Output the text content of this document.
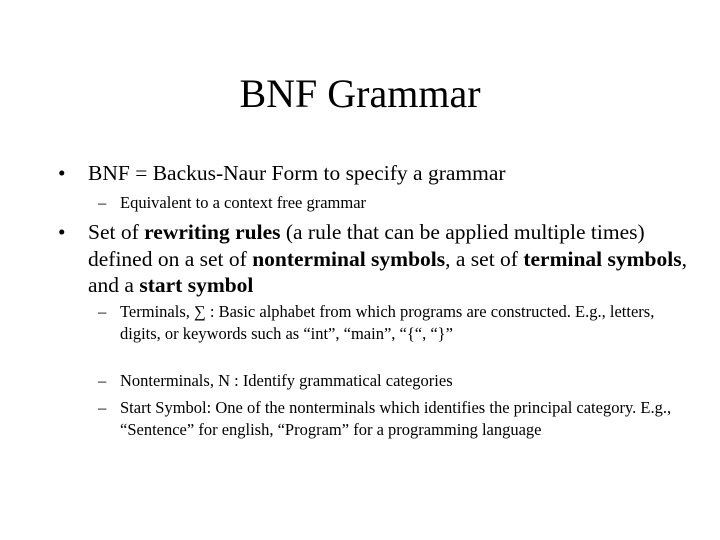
BNF Grammar
• BNF = Backus-Naur Form to specify a grammar
– Equivalent to a context free grammar
• Set of rewriting rules (a rule that can be applied multiple times) defined on a set of nonterminal symbols, a set of terminal symbols, and a start symbol
– Terminals, ∑ : Basic alphabet from which programs are constructed. E.g., letters, digits, or keywords such as “int”, “main”, “{“, “}”
– Nonterminals, N : Identify grammatical categories
– Start Symbol: One of the nonterminals which identifies the principal category. E.g., “Sentence” for english, “Program” for a programming language
